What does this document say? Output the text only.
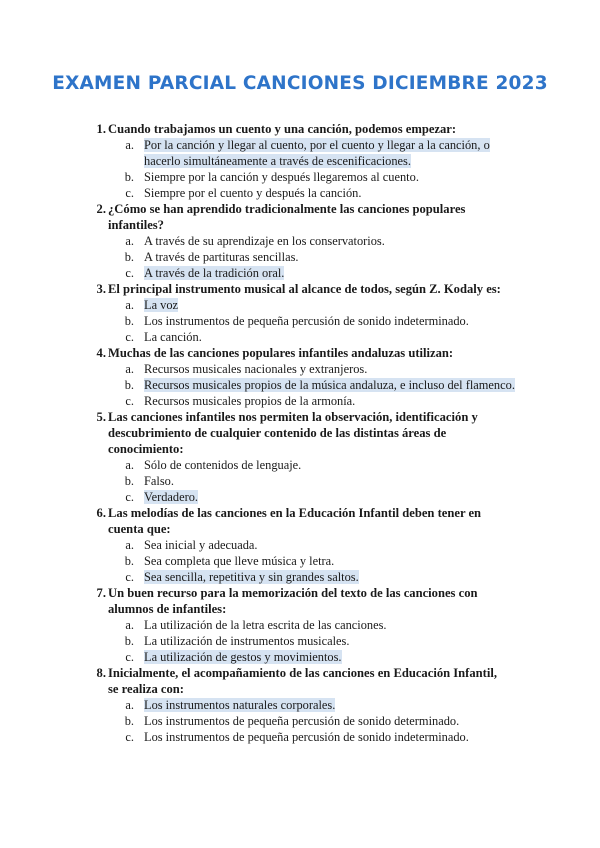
EXAMEN PARCIAL CANCIONES DICIEMBRE 2023
1. Cuando trabajamos un cuento y una canción, podemos empezar:
a. Por la canción y llegar al cuento, por el cuento y llegar a la canción, o hacerlo simultáneamente a través de escenificaciones.
b. Siempre por la canción y después llegaremos al cuento.
c. Siempre por el cuento y después la canción.
2. ¿Cómo se han aprendido tradicionalmente las canciones populares infantiles?
a. A través de su aprendizaje en los conservatorios.
b. A través de partituras sencillas.
c. A través de la tradición oral.
3. El principal instrumento musical al alcance de todos, según Z. Kodaly es:
a. La voz
b. Los instrumentos de pequeña percusión de sonido indeterminado.
c. La canción.
4. Muchas de las canciones populares infantiles andaluzas utilizan:
a. Recursos musicales nacionales y extranjeros.
b. Recursos musicales propios de la música andaluza, e incluso del flamenco.
c. Recursos musicales propios de la armonía.
5. Las canciones infantiles nos permiten la observación, identificación y descubrimiento de cualquier contenido de las distintas áreas de conocimiento:
a. Sólo de contenidos de lenguaje.
b. Falso.
c. Verdadero.
6. Las melodías de las canciones en la Educación Infantil deben tener en cuenta que:
a. Sea inicial y adecuada.
b. Sea completa que lleve música y letra.
c. Sea sencilla, repetitiva y sin grandes saltos.
7. Un buen recurso para la memorización del texto de las canciones con alumnos de infantiles:
a. La utilización de la letra escrita de las canciones.
b. La utilización de instrumentos musicales.
c. La utilización de gestos y movimientos.
8. Inicialmente, el acompañamiento de las canciones en Educación Infantil, se realiza con:
a. Los instrumentos naturales corporales.
b. Los instrumentos de pequeña percusión de sonido determinado.
c. Los instrumentos de pequeña percusión de sonido indeterminado.
